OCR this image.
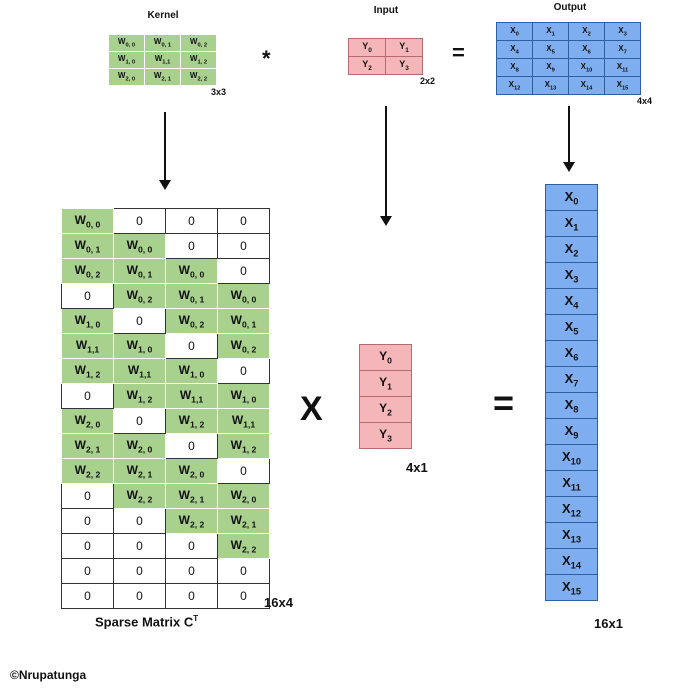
Kernel
$W_{0, 0}$	$W_{0, 1}$	$W_{0, 2}$
$W_{1, 0}$	$W_{1,1}$	$W_{1, 2}$
$W_{2, 0}$	$W_{2, 1}$	$W_{2, 2}$
3x3
*
Input
$Y_0$	$Y_1$
$Y_2$	$Y_3$
2x2
=
Output
$X_0$	$X_1$	$X_2$	$X_3$
$X_4$	$X_5$	$X_6$	$X_7$
$X_8$	$X_9$	$X_{10}$	$X_{11}$
$X_{12}$	$X_{13}$	$X_{14}$	$X_{15}$
4x4
$W_{0, 0}$	0	0	0
$W_{0, 1}$	$W_{0, 0}$	0	0
$W_{0, 2}$	$W_{0, 1}$	$W_{0, 0}$	0
0	$W_{0, 2}$	$W_{0, 1}$	$W_{0, 0}$
$W_{1, 0}$	0	$W_{0, 2}$	$W_{0, 1}$
$W_{1,1}$	$W_{1, 0}$	0	$W_{0, 2}$
$W_{1, 2}$	$W_{1,1}$	$W_{1, 0}$	0
0	$W_{1, 2}$	$W_{1,1}$	$W_{1, 0}$
$W_{2, 0}$	0	$W_{1, 2}$	$W_{1,1}$
$W_{2, 1}$	$W_{2, 0}$	0	$W_{1, 2}$
$W_{2, 2}$	$W_{2, 1}$	$W_{2, 0}$	0
0	$W_{2, 2}$	$W_{2, 1}$	$W_{2, 0}$
0	0	$W_{2, 2}$	$W_{2, 1}$
0	0	0	$W_{2, 2}$
0	0	0	0
0	0	0	0 16x4
Sparse Matrix $C^T$
X
$Y_0$
$Y_1$
$Y_2$
$Y_3$
4x1
=
$X_0$
$X_1$
$X_2$
$X_3$
$X_4$
$X_5$
$X_6$
$X_7$
$X_8$
$X_9$
$X_{10}$
$X_{11}$
$X_{12}$
$X_{13}$
$X_{14}$
$X_{15}$
16x1
©Nrupatunga
